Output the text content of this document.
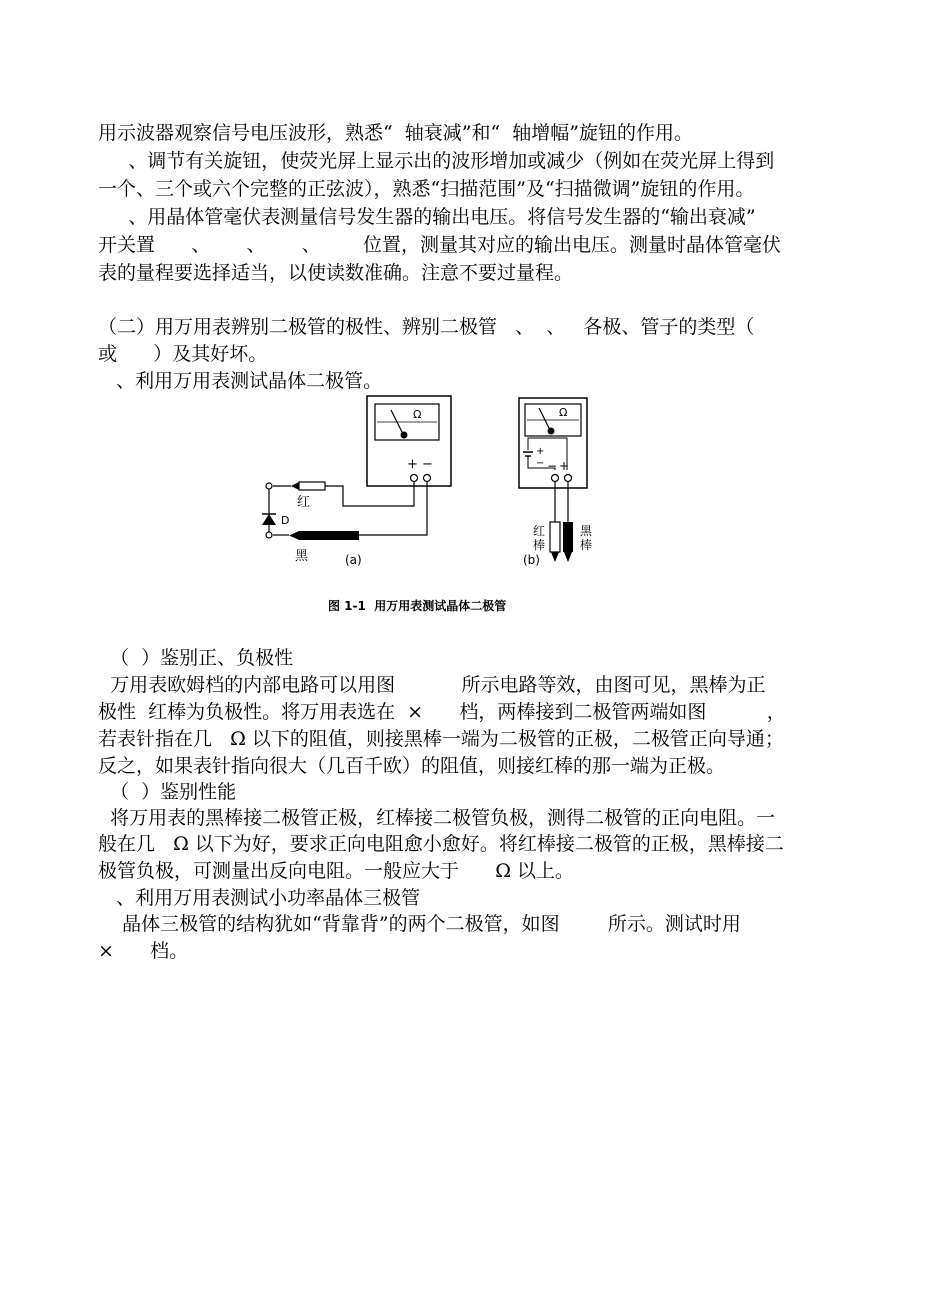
用示波器观察信号电压波形，熟悉“  轴衰减”和“  轴增幅”旋钮的作用。
、调节有关旋钮，使荧光屏上显示出的波形增加或减少（例如在荧光屏上得到
一个、三个或六个完整的正弦波），熟悉“扫描范围”及“扫描微调”旋钮的作用。
、用晶体管毫伏表测量信号发生器的输出电压。将信号发生器的“输出衰减”
开关置      、      、      、       位置，测量其对应的输出电压。测量时晶体管毫伏
表的量程要选择适当，以使读数准确。注意不要过量程。
（二）用万用表辨别二极管的极性、辨别二极管   、  、   各极、管子的类型（
或      ）及其好坏。
、利用万用表测试晶体二极管。
Ω
+ −
D
红
黑	(a)
Ω
+
− +
−
红
棒
黑
棒
(b)
图 1-1  用万用表测试晶体二极管
（  ）鉴别正、负极性
万用表欧姆档的内部电路可以用图           所示电路等效，由图可见，黑棒为正
极性  红棒为负极性。将万用表选在  ×      档，两棒接到二极管两端如图          ，
若表针指在几   Ω 以下的阻值，则接黑棒一端为二极管的正极，二极管正向导通；
反之，如果表针指向很大（几百千欧）的阻值，则接红棒的那一端为正极。
（  ）鉴别性能
将万用表的黑棒接二极管正极，红棒接二极管负极，测得二极管的正向电阻。一
般在几   Ω 以下为好，要求正向电阻愈小愈好。将红棒接二极管的正极，黑棒接二
极管负极，可测量出反向电阻。一般应大于      Ω 以上。
、利用万用表测试小功率晶体三极管
晶体三极管的结构犹如“背靠背”的两个二极管，如图        所示。测试时用
×      档。
